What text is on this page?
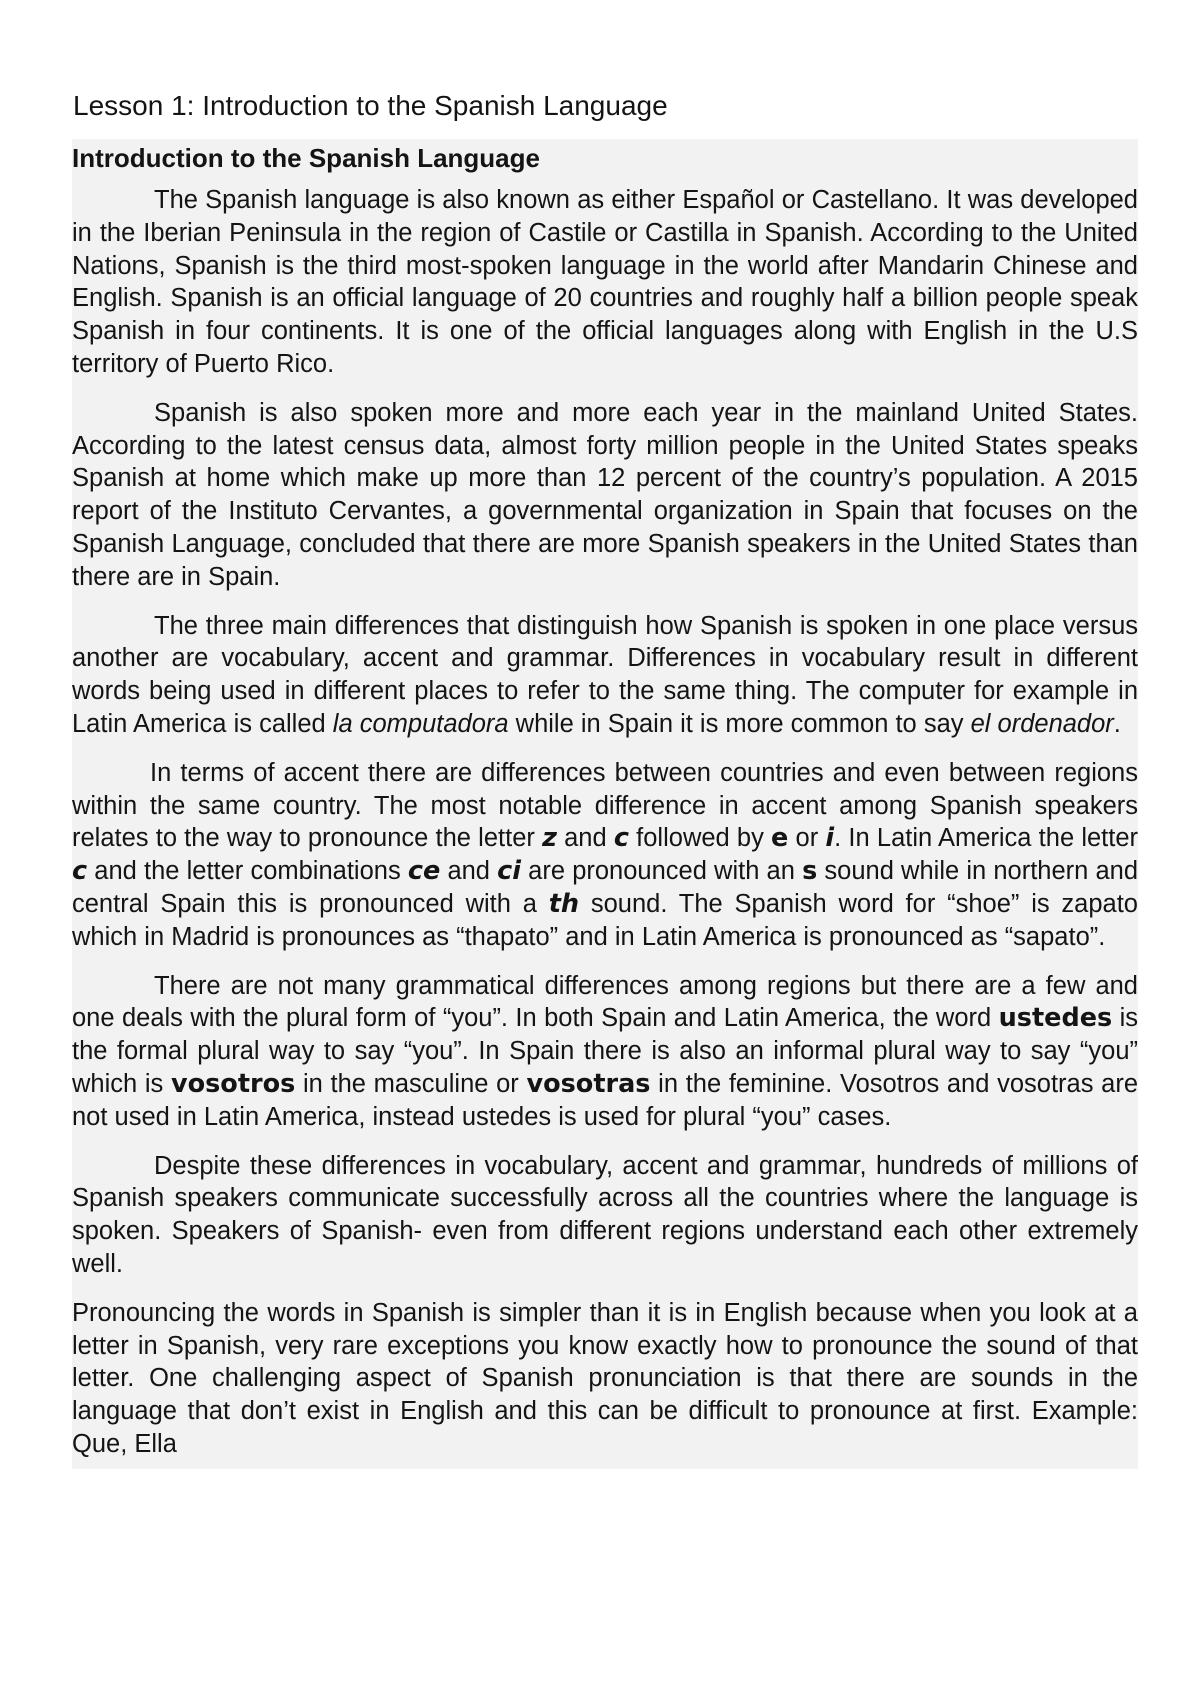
Lesson 1: Introduction to the Spanish Language
Introduction to the Spanish Language

The Spanish language is also known as either Español or Castellano. It was developed in the Iberian Peninsula in the region of Castile or Castilla in Spanish. According to the United Nations, Spanish is the third most-spoken language in the world after Mandarin Chinese and English. Spanish is an official language of 20 countries and roughly half a billion people speak Spanish in four continents. It is one of the official languages along with English in the U.S territory of Puerto Rico.

Spanish is also spoken more and more each year in the mainland United States. According to the latest census data, almost forty million people in the United States speaks Spanish at home which make up more than 12 percent of the country’s population. A 2015 report of the Instituto Cervantes, a governmental organization in Spain that focuses on the Spanish Language, concluded that there are more Spanish speakers in the United States than there are in Spain.

The three main differences that distinguish how Spanish is spoken in one place versus another are vocabulary, accent and grammar. Differences in vocabulary result in different words being used in different places to refer to the same thing. The computer for example in Latin America is called la computadora while in Spain it is more common to say el ordenador.

In terms of accent there are differences between countries and even between regions within the same country. The most notable difference in accent among Spanish speakers relates to the way to pronounce the letter z and c followed by e or i. In Latin America the letter c and the letter combinations ce and ci are pronounced with an s sound while in northern and central Spain this is pronounced with a th sound. The Spanish word for “shoe” is zapato which in Madrid is pronounces as “thapato” and in Latin America is pronounced as “sapato”.

There are not many grammatical differences among regions but there are a few and one deals with the plural form of “you”. In both Spain and Latin America, the word ustedes is the formal plural way to say “you”. In Spain there is also an informal plural way to say “you” which is vosotros in the masculine or vosotras in the feminine. Vosotros and vosotras are not used in Latin America, instead ustedes is used for plural “you” cases.

Despite these differences in vocabulary, accent and grammar, hundreds of millions of Spanish speakers communicate successfully across all the countries where the language is spoken. Speakers of Spanish- even from different regions understand each other extremely well.

Pronouncing the words in Spanish is simpler than it is in English because when you look at a letter in Spanish, very rare exceptions you know exactly how to pronounce the sound of that letter. One challenging aspect of Spanish pronunciation is that there are sounds in the language that don’t exist in English and this can be difficult to pronounce at first. Example: Que, Ella
